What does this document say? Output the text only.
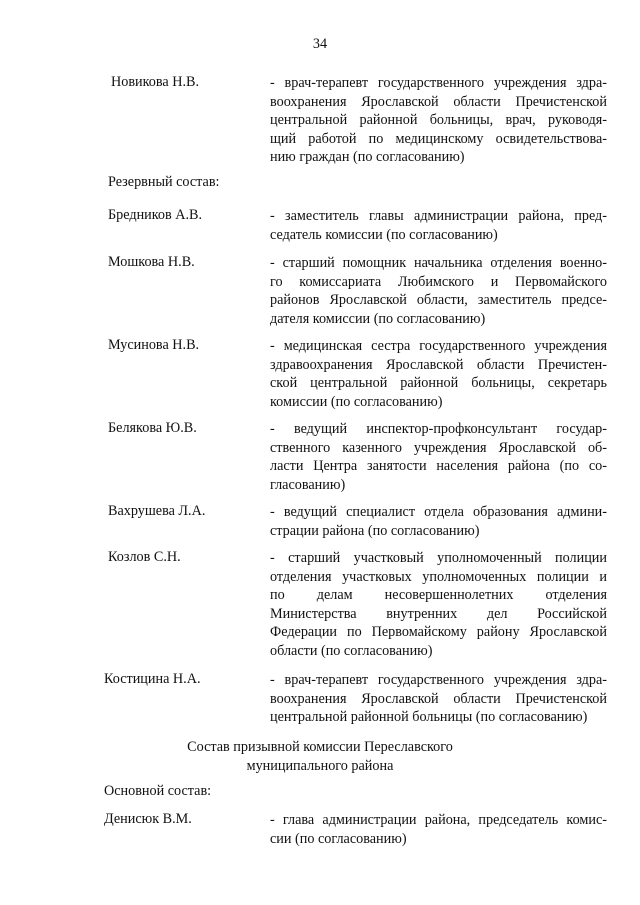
34
Новикова Н.В.	- врач-терапевт государственного учреждения здра-
воохранения Ярославской области Пречистенской
центральной районной больницы, врач, руководя-
щий работой по медицинскому освидетельствова-
нию граждан (по согласованию)
Резервный состав:
Бредников А.В.	- заместитель главы администрации района, пред-
седатель комиссии (по согласованию)
Мошкова Н.В.	- старший помощник начальника отделения военно-
го комиссариата Любимского и Первомайского
районов Ярославской области, заместитель предсе-
дателя комиссии (по согласованию)
Мусинова Н.В.	- медицинская сестра государственного учреждения
здравоохранения Ярославской области Пречистен-
ской центральной районной больницы, секретарь
комиссии (по согласованию)
Белякова Ю.В.	- ведущий инспектор-профконсультант государ-
ственного казенного учреждения Ярославской об-
ласти Центра занятости населения района (по со-
гласованию)
Вахрушева Л.А.	- ведущий специалист отдела образования админи-
страции района (по согласованию)
Козлов С.Н.	- старший участковый уполномоченный полиции
отделения участковых уполномоченных полиции и
по делам несовершеннолетних отделения
Министерства внутренних дел Российской
Федерации по Первомайскому району Ярославской
области (по согласованию)
Костицина Н.А.	- врач-терапевт государственного учреждения здра-
воохранения Ярославской области Пречистенской
центральной районной больницы (по согласованию)
Состав призывной комиссии Переславского
муниципального района
Основной состав:
Денисюк В.М.	- глава администрации района, председатель комис-
сии (по согласованию)
